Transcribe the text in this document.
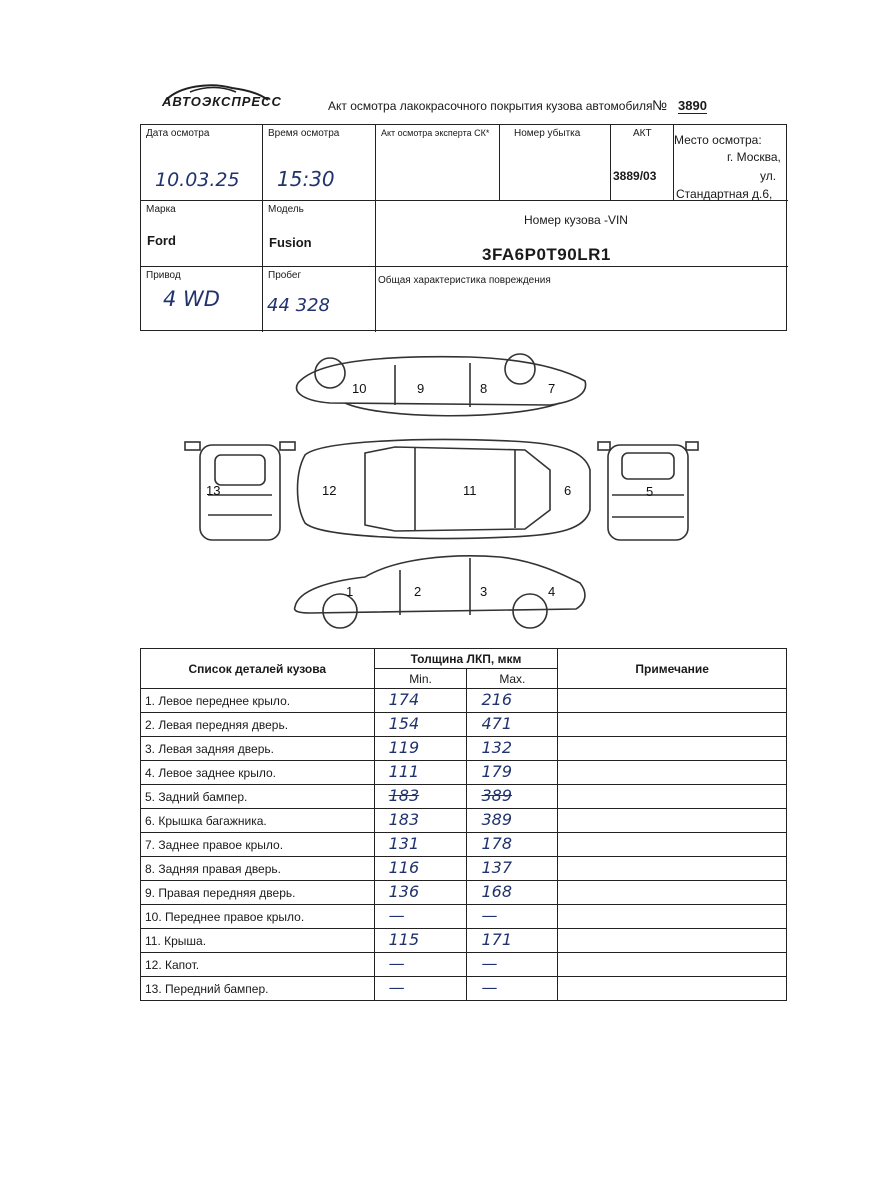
АВТОЭКСПРЕСС	Акт осмотра лакокрасочного покрытия кузова автомобиля № 3890
Дата осмотра
10.03.25
Время осмотра
15:30
Акт осмотра эксперта СК* Номер убытка	АКТ
3889/03
Место осмотра:
г. Москва,
ул.
Стандартная д.6,
Марка
Ford
Модель
Fusion
Номер кузова -VIN
3FA6P0T90LR1
Привод
4 WD
Пробег
44 328
Общая характеристика повреждения
10	9	8	7
13	12	11	6	5
1	2	3	4
Список деталей кузова	Толщина ЛКП, мкм		Примечание
	Min.	Max.	
1. Левое переднее крыло.	174	216	

2. Левая передняя дверь.	154	471	

3. Левая задняя дверь.	119	132	

4. Левое заднее крыло.	111	179	

5. Задний бампер.	183	389	

6. Крышка багажника.	183	389	

7. Заднее правое крыло.	131	178	

8. Задняя правая дверь.	116	137	

9. Правая передняя дверь.	136	168	

10. Переднее правое крыло.	—	—	

11. Крыша.	115	171	

12. Капот.	—	—	

13. Передний бампер.	—	—	
